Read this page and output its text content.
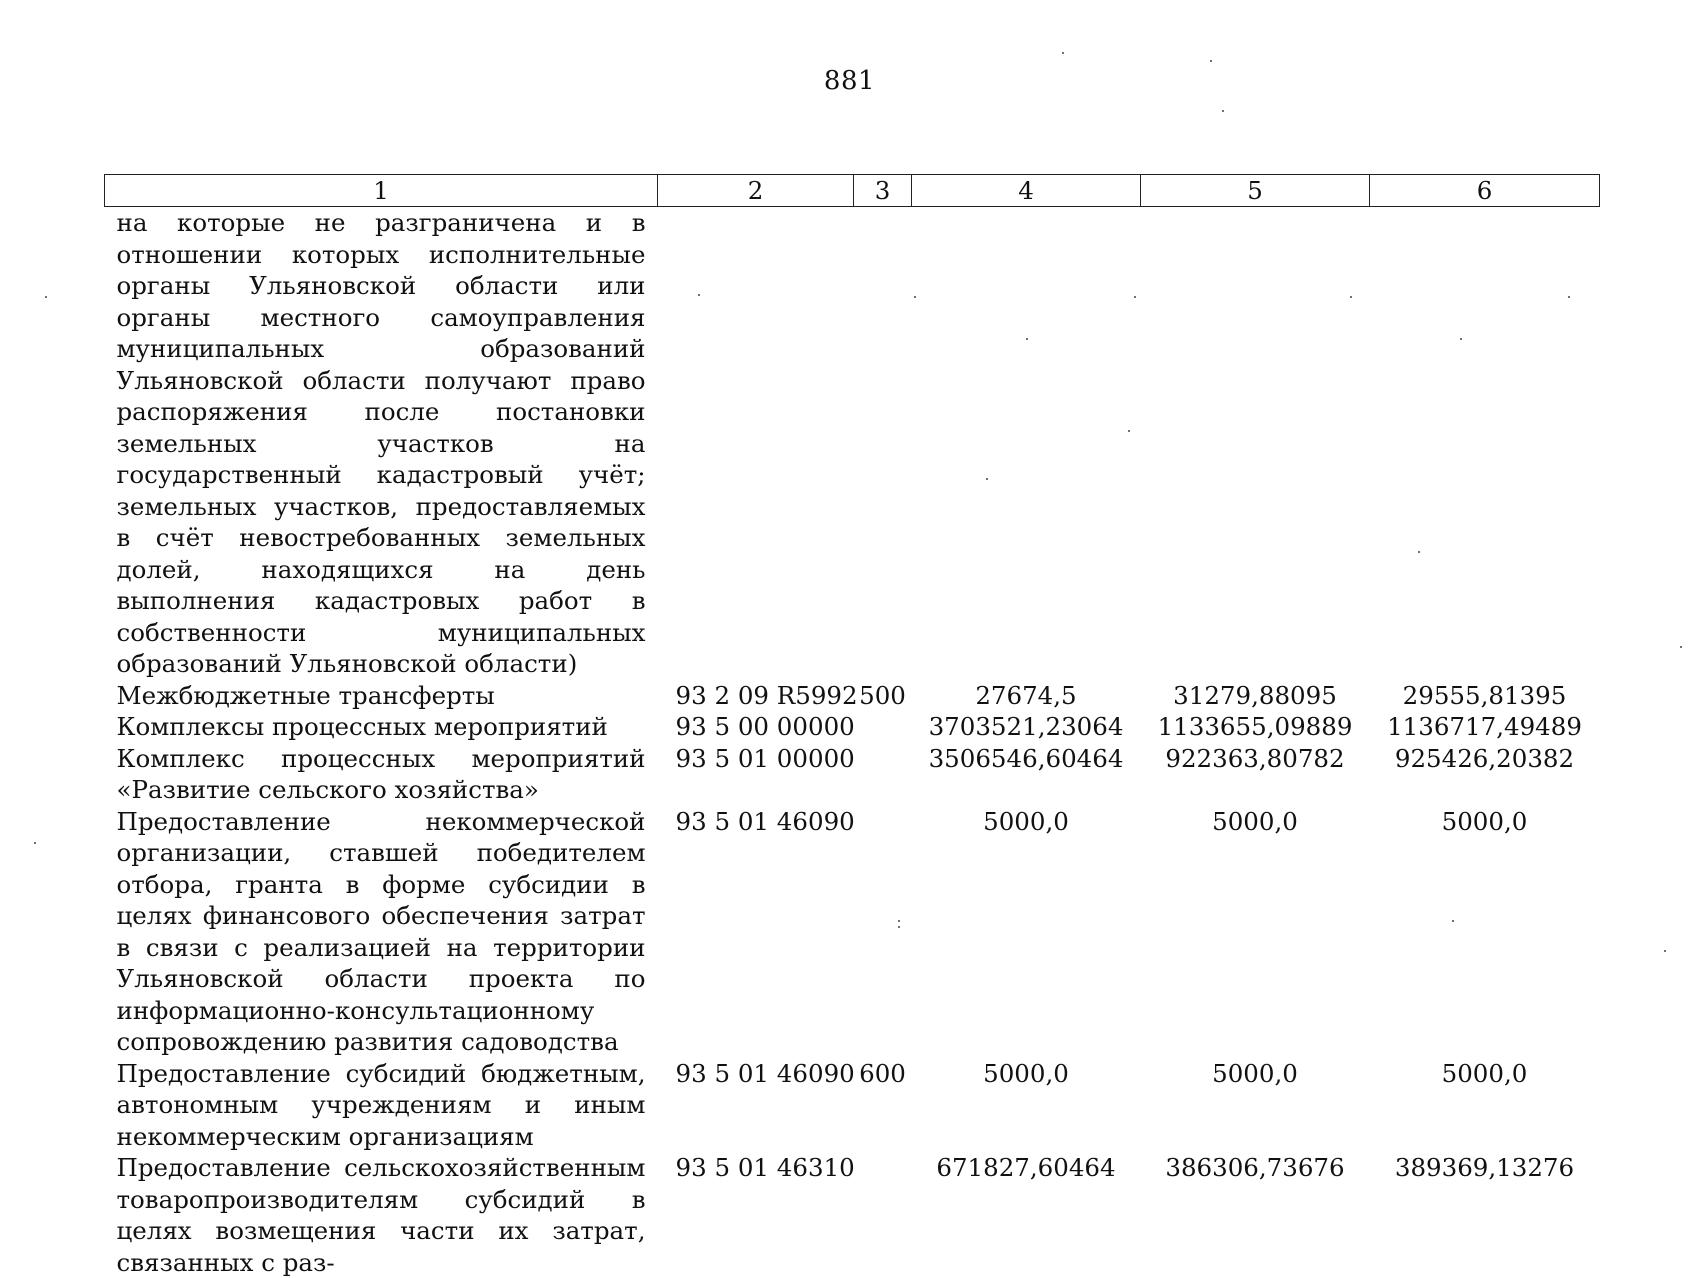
881
1	2	3	4	5	6
на которые не разграничена и в отношении которых исполнительные органы Ульяновской области или органы местного самоуправления муниципальных образований Ульяновской области получают право распоряжения после постановки земельных участков на государственный кадастровый учёт; земельных участков, предоставляемых в счёт невостребованных земельных долей, находящихся на день выполнения кадастровых работ в собственности муниципальных образований Ульяновской области)					
Межбюджетные трансферты	93 2 09 R5992	500	27674,5	31279,88095	29555,81395
Комплексы процессных мероприятий	93 5 00 00000		3703521,23064	1133655,09889	1136717,49489
Комплекс процессных мероприятий «Развитие сельского хозяйства»	93 5 01 00000		3506546,60464	922363,80782	925426,20382
Предоставление некоммерческой организации, ставшей победителем отбора, гранта в форме субсидии в целях финансового обеспечения затрат в связи с реализацией на территории Ульяновской области проекта по информационно-консультационному сопровождению развития садоводства	93 5 01 46090		5000,0	5000,0	5000,0
Предоставление субсидий бюджетным, автономным учреждениям и иным некоммерческим организациям	93 5 01 46090	600	5000,0	5000,0	5000,0
Предоставление сельскохозяйственным товаропроизводителям субсидий в целях возмещения части их затрат, связанных с раз-	93 5 01 46310		671827,60464	386306,73676	389369,13276
